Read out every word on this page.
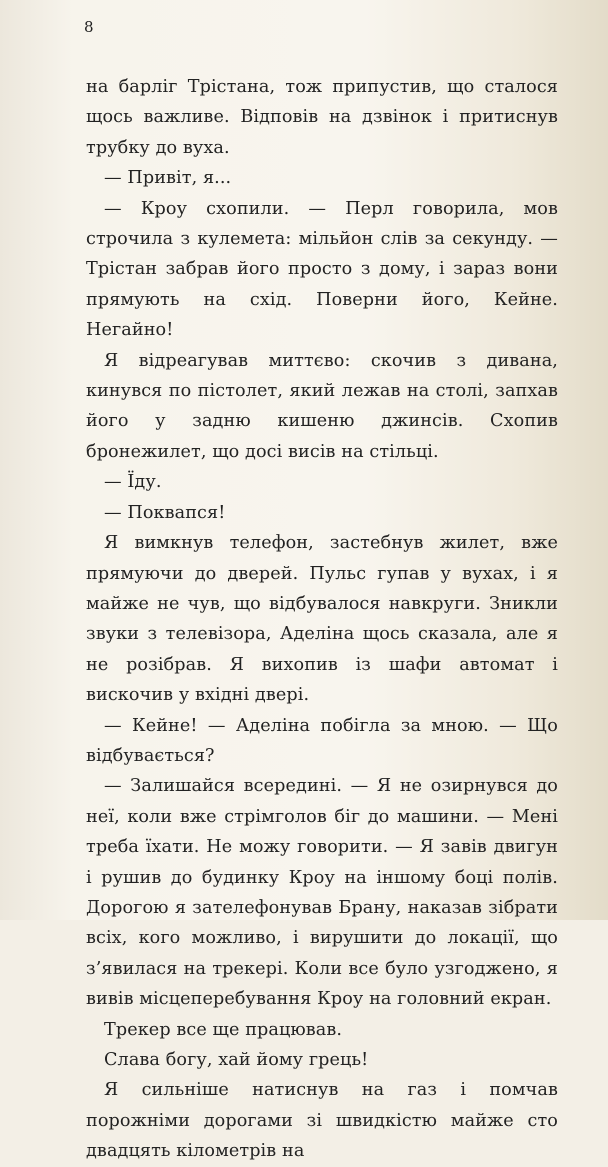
8

на барліг Трістана, тож припустив, що сталося щось важливе. Відповів на дзвінок і притиснув трубку до вуха.

— Привіт, я...

— Кроу схопили. — Перл говорила, мов строчила з кулемета: мільйон слів за секунду. — Трістан забрав його просто з дому, і зараз вони прямують на схід. Поверни його, Кейне. Негайно!

Я відреагував миттєво: скочив з дивана, кинувся по пістолет, який лежав на столі, запхав його у задню кишеню джинсів. Схопив бронежилет, що досі висів на стільці.

— Їду.

— Поквапся!

Я вимкнув телефон, застебнув жилет, вже прямуючи до дверей. Пульс гупав у вухах, і я майже не чув, що відбувалося навкруги. Зникли звуки з телевізора, Аделіна щось сказала, але я не розібрав. Я вихопив із шафи автомат і вискочив у вхідні двері.

— Кейне! — Аделіна побігла за мною. — Що відбувається?

— Залишайся всередині. — Я не озирнувся до неї, коли вже стрімголов біг до машини. — Мені треба їхати. Не можу говорити. — Я завів двигун і рушив до будинку Кроу на іншому боці полів. Дорогою я зателефонував Брану, наказав зібрати всіх, кого можливо, і вирушити до локації, що з’явилася на трекері. Коли все було узгоджено, я вивів місцеперебування Кроу на головний екран.

Трекер все ще працював.

Слава богу, хай йому грець!

Я сильніше натиснув на газ і помчав порожніми дорогами зі швидкістю майже сто двадцять кілометрів на
